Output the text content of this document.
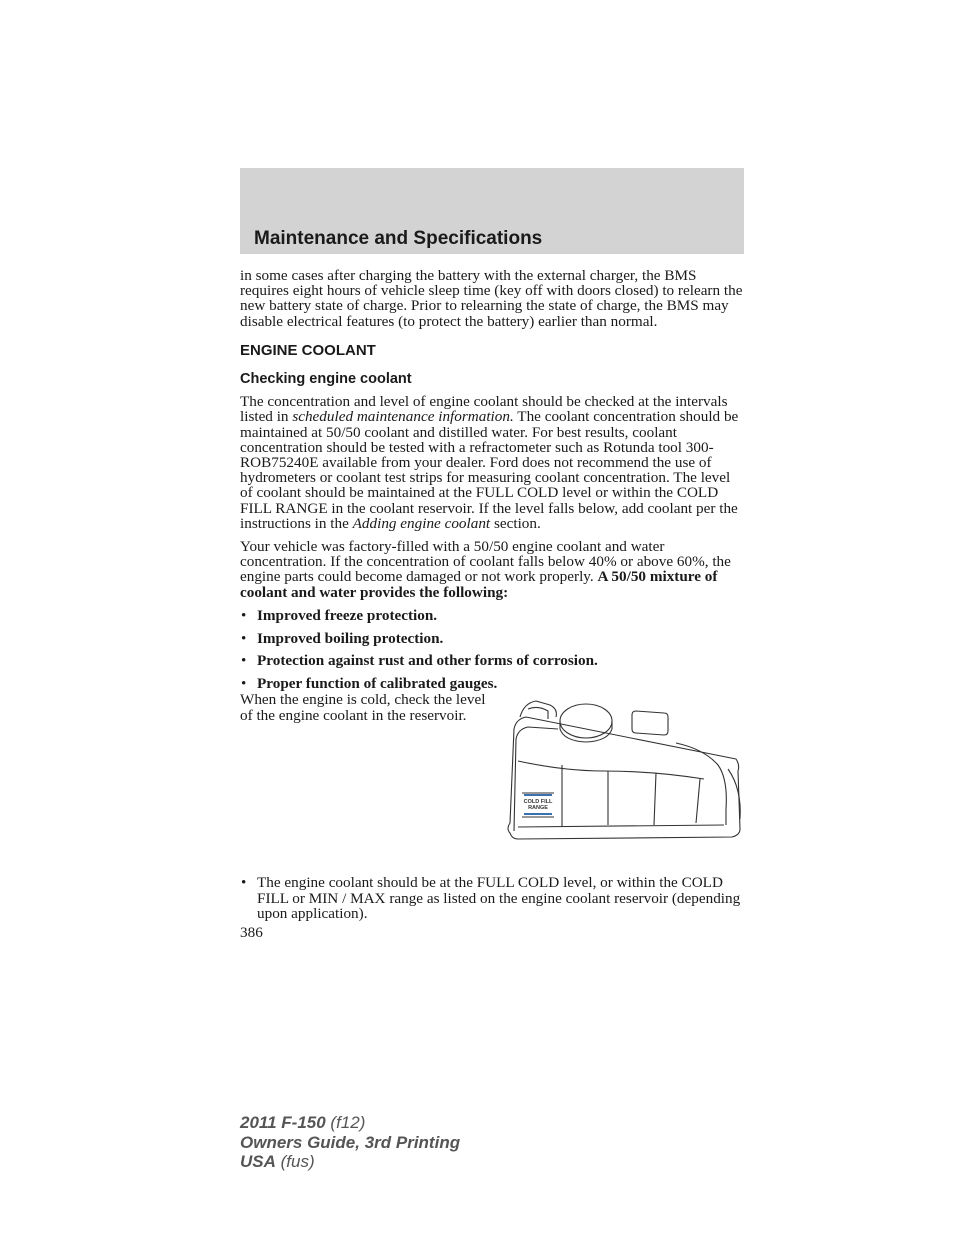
Maintenance and Specifications

in some cases after charging the battery with the external charger, the BMS requires eight hours of vehicle sleep time (key off with doors closed) to relearn the new battery state of charge. Prior to relearning the state of charge, the BMS may disable electrical features (to protect the battery) earlier than normal.

ENGINE COOLANT
Checking engine coolant

The concentration and level of engine coolant should be checked at the intervals listed in scheduled maintenance information. The coolant concentration should be maintained at 50/50 coolant and distilled water. For best results, coolant concentration should be tested with a refractometer such as Rotunda tool 300-ROB75240E available from your dealer. Ford does not recommend the use of hydrometers or coolant test strips for measuring coolant concentration. The level of coolant should be maintained at the FULL COLD level or within the COLD FILL RANGE in the coolant reservoir. If the level falls below, add coolant per the instructions in the Adding engine coolant section.

Your vehicle was factory-filled with a 50/50 engine coolant and water concentration. If the concentration of coolant falls below 40% or above 60%, the engine parts could become damaged or not work properly. A 50/50 mixture of coolant and water provides the following:

• Improved freeze protection.
• Improved boiling protection.
• Protection against rust and other forms of corrosion.
• Proper function of calibrated gauges.
When the engine is cold, check the level of the engine coolant in the reservoir.
COLD FILL
RANGE
• The engine coolant should be at the FULL COLD level, or within the COLD FILL or MIN / MAX range as listed on the engine coolant reservoir (depending upon application).
386
2011 F-150 (f12)
Owners Guide, 3rd Printing
USA (fus)
